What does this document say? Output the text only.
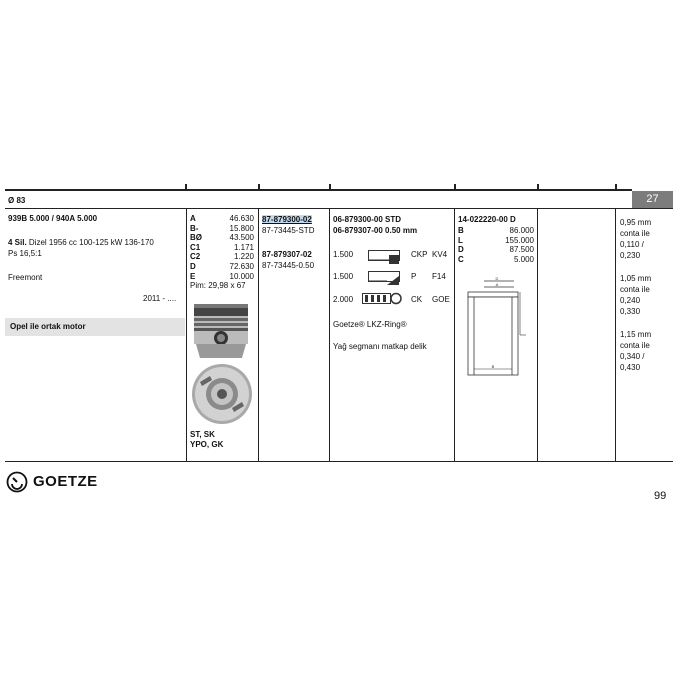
Ø 83	27
939B 5.000 / 940A 5.000
4 Sil. Dizel 1956 cc 100-125 kW 136-170
Ps 16,5:1
Freemont
2011 - ....
Opel ile ortak motor
A	46.630
B-	15.800
BØ	43.500
C1	1.171
C2	1.220
D	72.630
E	10.000
Pim: 29,98 x 67
ST, SK
YPO, GK
87-879300-02
87-73445-STD
87-879307-02
87-73445-0.50
06-879300-00 STD
06-879307-00 0.50 mm
1.500	CKP KV4
1.500	P F14
2.000	CK GOE
Goetze® LKZ-Ring®
Yağ segmanı matkap delik
14-022220-00 D
B	86.000
L	155.000
D	87.500
C	5.000
D
A
B
0,95 mm
conta ile
0,110 /
0,230
1,05 mm
conta ile
0,240
0,330
1,15 mm
conta ile
0,340 /
0,430
GOETZE
99
